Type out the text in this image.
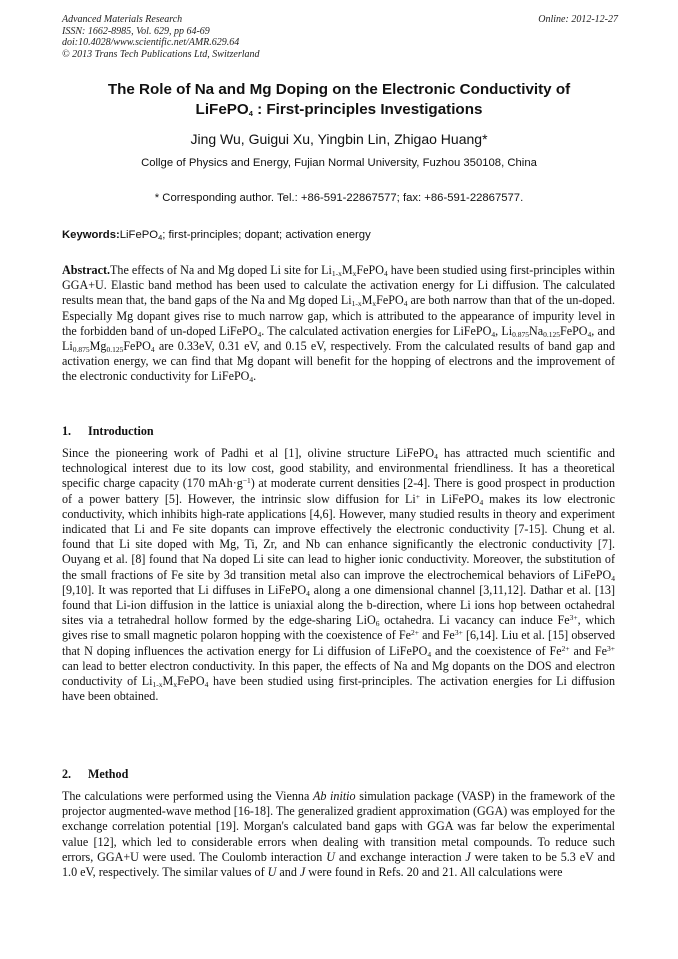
Advanced Materials Research
ISSN: 1662-8985, Vol. 629, pp 64-69
doi:10.4028/www.scientific.net/AMR.629.64
© 2013 Trans Tech Publications Ltd, Switzerland
Online: 2012-12-27
The Role of Na and Mg Doping on the Electronic Conductivity of
LiFePO$_4$ : First-principles Investigations
Jing Wu, Guigui Xu, Yingbin Lin, Zhigao Huang*
Collge of Physics and Energy, Fujian Normal University, Fuzhou 350108, China
* Corresponding author. Tel.: +86-591-22867577; fax: +86-591-22867577.
Keywords:LiFePO$_4$; first-principles; dopant; activation energy
Abstract.The effects of Na and Mg doped Li site for $Li_{1-x}M_xFePO_4$ have been studied using first-principles within GGA+U. Elastic band method has been used to calculate the activation energy for Li diffusion. The calculated results mean that, the band gaps of the Na and Mg doped $Li_{1-x}M_xFePO_4$ are both narrow than that of the un-doped. Especially Mg dopant gives rise to much narrow gap, which is attributed to the appearance of impurity level in the forbidden band of un-doped LiFePO$_4$. The calculated activation energies for LiFePO$_4$, $Li_{0.875}Na_{0.125}FePO_4$, and $Li_{0.875}Mg_{0.125}FePO_4$ are 0.33eV, 0.31 eV, and 0.15 eV, respectively. From the calculated results of band gap and activation energy, we can find that Mg dopant will benefit for the hopping of electrons and the improvement of the electronic conductivity for LiFePO$_4$.
1. Introduction
Since the pioneering work of Padhi et al [1], olivine structure LiFePO$_4$ has attracted much scientific and technological interest due to its low cost, good stability, and environmental friendliness. It has a theoretical specific charge capacity (170 $mAh\cdot g^{-1}$) at moderate current densities [2-4]. There is good prospect in production of a power battery [5]. However, the intrinsic slow diffusion for Li+ in LiFePO$_4$ makes its low electronic conductivity, which inhibits high-rate applications [4,6]. However, many studied results in theory and experiment indicated that Li and Fe site dopants can improve effectively the electronic conductivity [7-15]. Chung et al. found that Li site doped with Mg, Ti, Zr, and Nb can enhance significantly the electronic conductivity [7]. Ouyang et al. [8] found that Na doped Li site can lead to higher ionic conductivity. Moreover, the substitution of the small fractions of Fe site by 3d transition metal also can improve the electrochemical behaviors of LiFePO$_4$ [9,10]. It was reported that Li diffuses in LiFePO$_4$ along a one dimensional channel [3,11,12]. Dathar et al. [13] found that Li-ion diffusion in the lattice is uniaxial along the b-direction, where Li ions hop between octahedral sites via a tetrahedral hollow formed by the edge-sharing LiO$_6$ octahedra. Li vacancy can induce $Fe^{3+}$, which gives rise to small magnetic polaron hopping with the coexistence of $Fe^{2+}$ and $Fe^{3+}$ [6,14]. Liu et al. [15] observed that N doping influences the activation energy for Li diffusion of LiFePO$_4$ and the coexistence of $Fe^{2+}$ and $Fe^{3+}$ can lead to better electron conductivity. In this paper, the effects of Na and Mg dopants on the DOS and electron conductivity of $Li_{1-x}M_xFePO_4$ have been studied using first-principles. The activation energies for Li diffusion have been obtained.
2. Method
The calculations were performed using the Vienna Ab initio simulation package (VASP) in the framework of the projector augmented-wave method [16-18]. The generalized gradient approximation (GGA) was employed for the exchange correlation potential [19]. Morgan's calculated band gaps with GGA was far below the experimental value [12], which led to considerable errors when dealing with transition metal compounds. To reduce such errors, GGA+U were used. The Coulomb interaction U and exchange interaction J were taken to be 5.3 eV and 1.0 eV, respectively. The similar values of U and J were found in Refs. 20 and 21. All calculations were
